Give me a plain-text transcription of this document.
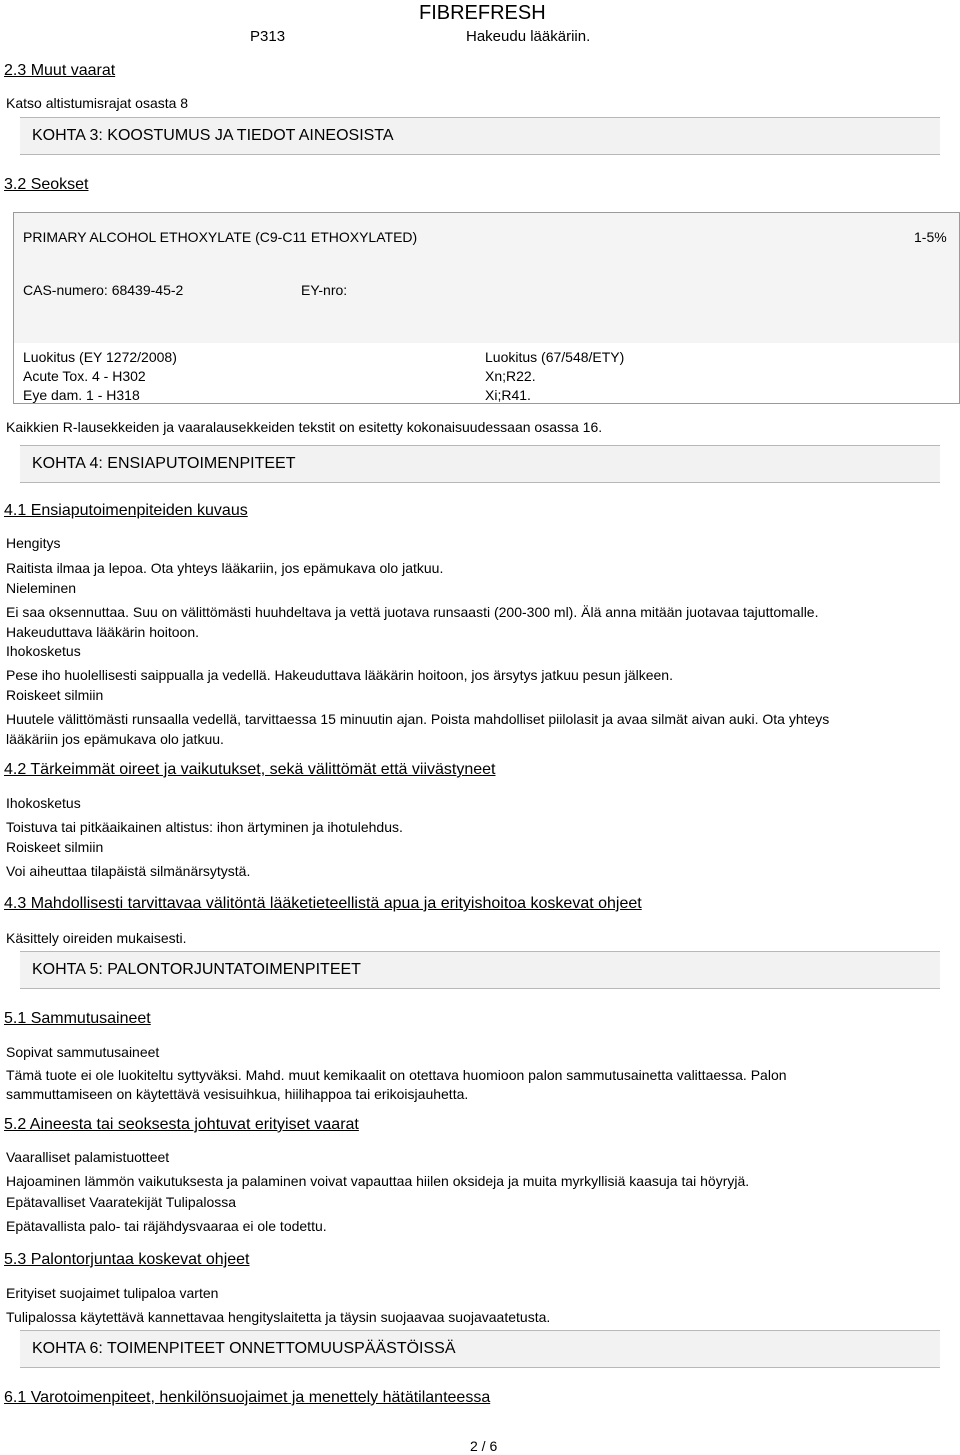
P313
FIBREFRESH
Hakeudu lääkäriin.
2.3 Muut vaarat
Katso altistumisrajat osasta 8
KOHTA 3: KOOSTUMUS JA TIEDOT AINEOSISTA
3.2 Seokset
PRIMARY ALCOHOL ETHOXYLATE (C9-C11 ETHOXYLATED)	1-5%
CAS-numero: 68439-45-2	EY-nro:
Luokitus (EY 1272/2008)
Acute Tox. 4 - H302
Eye dam. 1 - H318
Luokitus (67/548/ETY)
Xn;R22.
Xi;R41.
Kaikkien R-lausekkeiden ja vaaralausekkeiden tekstit on esitetty kokonaisuudessaan osassa 16.
KOHTA 4: ENSIAPUTOIMENPITEET
4.1 Ensiaputoimenpiteiden kuvaus
Hengitys
Raitista ilmaa ja lepoa. Ota yhteys lääkariin, jos epämukava olo jatkuu.
Nieleminen
Ei saa oksennuttaa. Suu on välittömästi huuhdeltava ja vettä juotava runsaasti (200-300 ml). Älä anna mitään juotavaa tajuttomalle.
Hakeuduttava lääkärin hoitoon.
Ihokosketus
Pese iho huolellisesti saippualla ja vedellä. Hakeuduttava lääkärin hoitoon, jos ärsytys jatkuu pesun jälkeen.
Roiskeet silmiin
Huutele välittömästi runsaalla vedellä, tarvittaessa 15 minuutin ajan. Poista mahdolliset piilolasit ja avaa silmät aivan auki. Ota yhteys
lääkäriin jos epämukava olo jatkuu.
4.2 Tärkeimmät oireet ja vaikutukset, sekä välittömät että viivästyneet
Ihokosketus
Toistuva tai pitkäaikainen altistus: ihon ärtyminen ja ihotulehdus.
Roiskeet silmiin
Voi aiheuttaa tilapäistä silmänärsytystä.
4.3 Mahdollisesti tarvittavaa välitöntä lääketieteellistä apua ja erityishoitoa koskevat ohjeet
Käsittely oireiden mukaisesti.
KOHTA 5: PALONTORJUNTATOIMENPITEET
5.1 Sammutusaineet
Sopivat sammutusaineet
Tämä tuote ei ole luokiteltu syttyväksi. Mahd. muut kemikaalit on otettava huomioon palon sammutusainetta valittaessa. Palon
sammuttamiseen on käytettävä vesisuihkua, hiilihappoa tai erikoisjauhetta.
5.2 Aineesta tai seoksesta johtuvat erityiset vaarat
Vaaralliset palamistuotteet
Hajoaminen lämmön vaikutuksesta ja palaminen voivat vapauttaa hiilen oksideja ja muita myrkyllisiä kaasuja tai höyryjä.
Epätavalliset Vaaratekijät Tulipalossa
Epätavallista palo- tai räjähdysvaaraa ei ole todettu.
5.3 Palontorjuntaa koskevat ohjeet
Erityiset suojaimet tulipaloa varten
Tulipalossa käytettävä kannettavaa hengityslaitetta ja täysin suojaavaa suojavaatetusta.
KOHTA 6: TOIMENPITEET ONNETTOMUUSPÄÄSTÖISSÄ
6.1 Varotoimenpiteet, henkilönsuojaimet ja menettely hätätilanteessa
2 / 6
